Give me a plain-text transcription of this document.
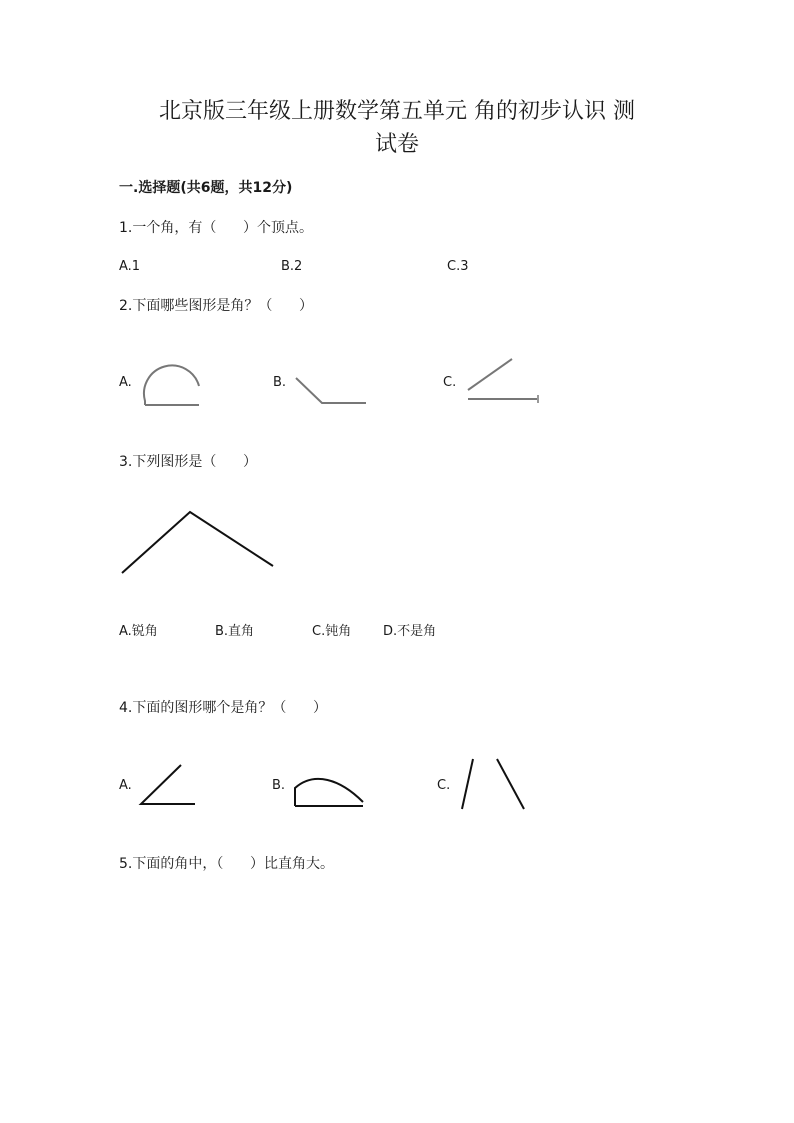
北京版三年级上册数学第五单元 角的初步认识 测
试卷
一.选择题(共6题，共12分)
1.一个角，有（      ）个顶点。
A.1	B.2	C.3
2.下面哪些图形是角？（      ）
A.	B.	C.
3.下列图形是（      ）
A.锐角	B.直角	C.钝角 D.不是角
4.下面的图形哪个是角？（      ）
A.	B.	C.
5.下面的角中，（      ）比直角大。
